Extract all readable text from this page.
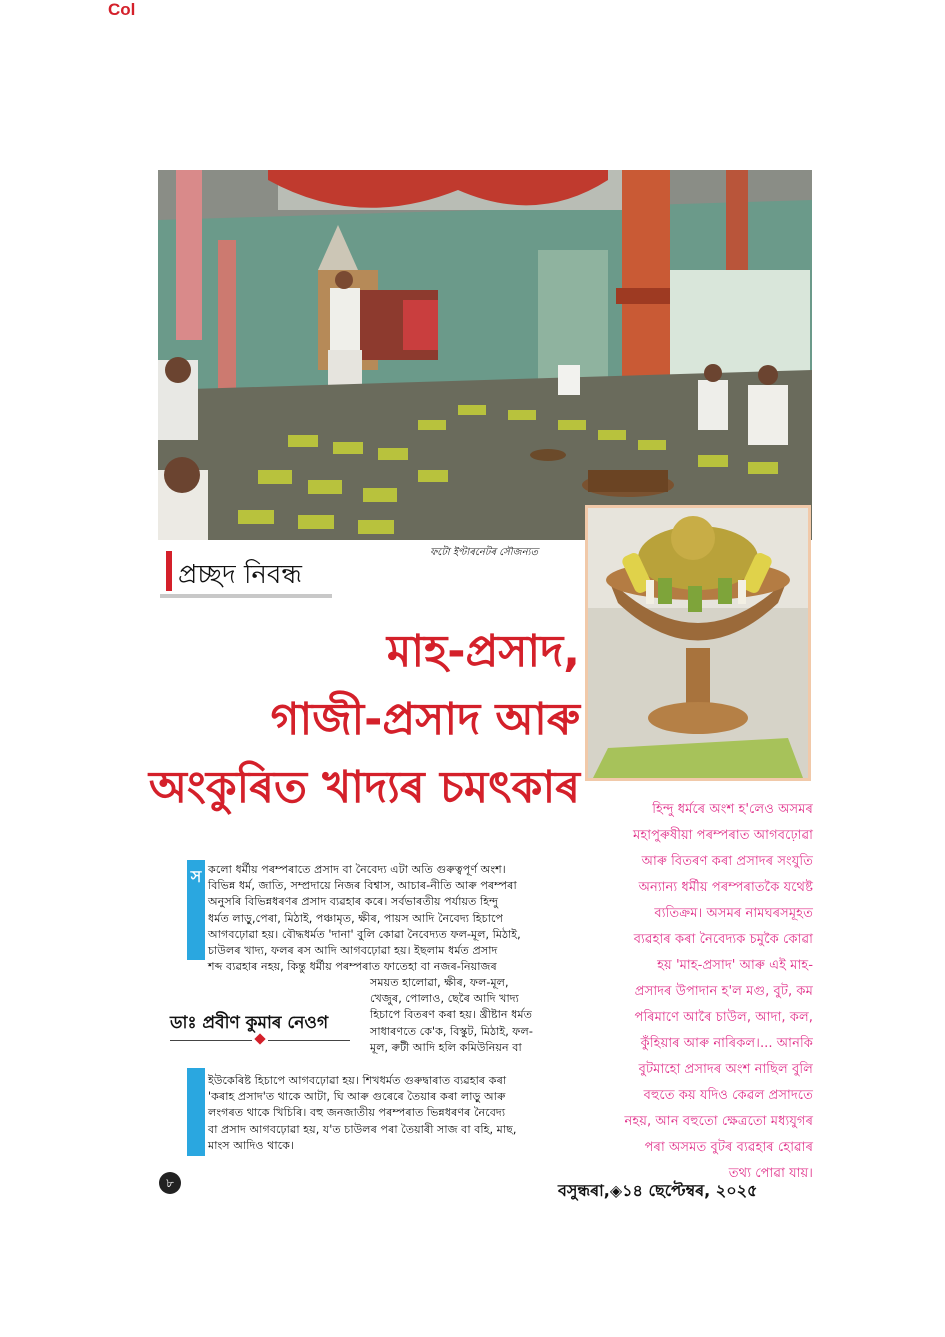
Col
ফটো ইণ্টাৰনেটৰ সৌজন্যত
প্ৰচ্ছদ নিবন্ধ
মাহ-প্ৰসাদ,
গাজী-প্ৰসাদ আৰু
অংকুৰিত খাদ্যৰ চমৎকাৰ	হিন্দু ধৰ্মৰে অংশ হ'লেও অসমৰ
মহাপুৰুষীয়া পৰম্পৰাত আগবঢ়োৱা
আৰু বিতৰণ কৰা প্ৰসাদৰ সংযুতি
অন্যান্য ধৰ্মীয় পৰম্পৰাতকৈ যথেষ্ট
ব্যতিক্ৰম। অসমৰ নামঘৰসমূহত
ব্যৱহাৰ কৰা নৈবেদ্যক চমুকৈ কোৱা
হয় 'মাহ-প্ৰসাদ' আৰু এই মাহ-
প্ৰসাদৰ উপাদান হ'ল মগু, বুট, কম
পৰিমাণে আৰৈ চাউল, আদা, কল,
কুঁহিয়াৰ আৰু নাৰিকল।... আনকি
বুটমাহো প্ৰসাদৰ অংশ নাছিল বুলি
বহুতে কয় যদিও কেৱল প্ৰসাদতে
নহয়, আন বহুতো ক্ষেত্ৰতো মধ্যযুগৰ
পৰা অসমত বুটৰ ব্যৱহাৰ হোৱাৰ
তথ্য পোৱা যায়।
স কলো ধৰ্মীয় পৰম্পৰাতে প্ৰসাদ বা নৈবেদ্য এটা অতি গুৰুত্বপূৰ্ণ অংশ।
বিভিন্ন ধৰ্ম, জাতি, সম্প্ৰদায়ে নিজৰ বিশ্বাস, আচাৰ-নীতি আৰু পৰম্পৰা
অনুসৰি বিভিন্নধৰণৰ প্ৰসাদ ব্যৱহাৰ কৰে। সৰ্বভাৰতীয় পৰ্যায়ত হিন্দু
ধৰ্মত লাড়ু,পেৰা, মিঠাই, পঞ্চামৃত, ক্ষীৰ, পায়স আদি নৈবেদ্য হিচাপে
আগবঢ়োৱা হয়। বৌদ্ধধৰ্মত 'দানা' বুলি কোৱা নৈবেদ্যত ফল-মূল, মিঠাই,
চাউলৰ খাদ্য, ফলৰ ৰস আদি আগবঢ়োৱা হয়। ইছলাম ধৰ্মত প্ৰসাদ
শব্দ ব্যৱহাৰ নহয়, কিন্তু ধৰ্মীয় পৰম্পৰাত ফাতেহা বা নজৰ-নিয়াজৰ
সময়ত হালোৱা, ক্ষীৰ, ফল-মূল,
খেজুৰ, পোলাও, ছেৰৈ আদি খাদ্য
হিচাপে বিতৰণ কৰা হয়। খ্ৰীষ্টান ধৰ্মত
সাধাৰণতে কে'ক, বিস্কুট, মিঠাই, ফল-
মূল, ৰুটী আদি হলি কমিউনিয়ন বা
ডাঃ প্ৰবীণ কুমাৰ নেওগ
ইউকেৰিষ্ট হিচাপে আগবঢ়োৱা হয়। শিখধৰ্মত গুৰুদ্বাৰাত ব্যৱহাৰ কৰা
'কৰাহ প্ৰসাদ'ত থাকে আটা, ঘি আৰু গুৰেৰে তৈয়াৰ কৰা লাড়ু আৰু
লংগৰত থাকে খিচিৰি। বহু জনজাতীয় পৰম্পৰাত ভিন্নধৰণৰ নৈবেদ্য
বা প্ৰসাদ আগবঢ়োৱা হয়, য'ত চাউলৰ পৰা তৈয়াৰী সাজ বা বহি, মাছ,
মাংস আদিও থাকে।
৮	বসুন্ধৰা,◈১৪ ছেপ্টেম্বৰ, ২০২৫
